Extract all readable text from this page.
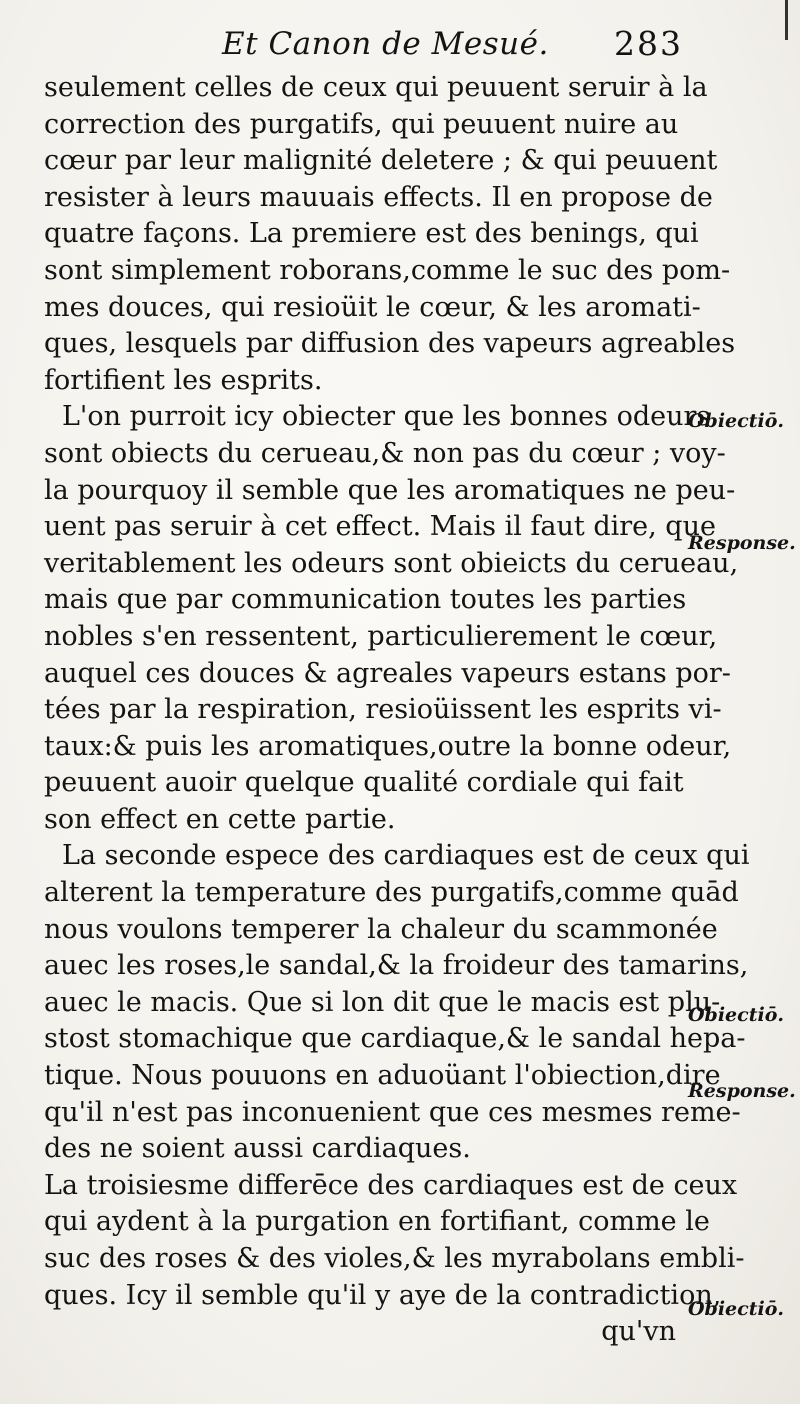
Et Canon de Mesué. 283
seulement celles de ceux qui peuuent seruir à la
correction des purgatifs, qui peuuent nuire au
cœur par leur malignité deletere ; & qui peuuent
resister à leurs mauuais effects. Il en propose de
quatre façons. La premiere est des benings, qui
sont simplement roborans,comme le suc des pom-
mes douces, qui resioüit le cœur, & les aromati-
ques, lesquels par diffusion des vapeurs agreables
fortifient les esprits.
L'on purroit icy obiecter que les bonnes odeurs
sont obiects du cerueau,& non pas du cœur ; voy-
la pourquoy il semble que les aromatiques ne peu-
uent pas seruir à cet effect. Mais il faut dire, que
veritablement les odeurs sont obieicts du cerueau,
mais que par communication toutes les parties
nobles s'en ressentent, particulierement le cœur,
auquel ces douces & agreales vapeurs estans por-
tées par la respiration, resioüissent les esprits vi-
taux:& puis les aromatiques,outre la bonne odeur,
peuuent auoir quelque qualité cordiale qui fait
son effect en cette partie.
La seconde espece des cardiaques est de ceux qui
alterent la temperature des purgatifs,comme quād
nous voulons temperer la chaleur du scammonée
auec les roses,le sandal,& la froideur des tamarins,
auec le macis. Que si lon dit que le macis est plu-
stost stomachique que cardiaque,& le sandal hepa-
tique. Nous pouuons en aduoüant l'obiection,dire
qu'il n'est pas inconuenient que ces mesmes reme-
des ne soient aussi cardiaques.
La troisiesme differēce des cardiaques est de ceux
qui aydent à la purgation en fortifiant, comme le
suc des roses & des violes,& les myrabolans embli-
ques. Icy il semble qu'il y aye de la contradiction,
qu'vn
Obiectiō.
Response.
Obiectiō.
Response.
Obiectiō.
